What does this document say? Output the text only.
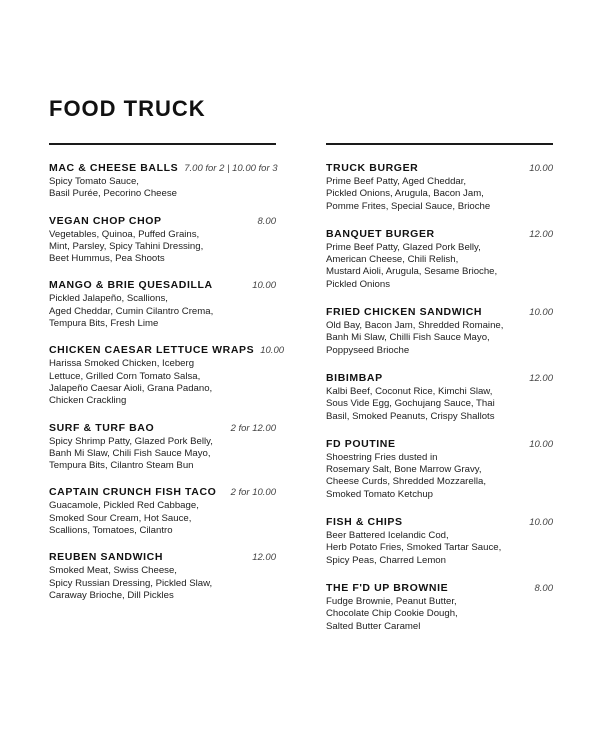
FOOD TRUCK
MAC & CHEESE BALLS 7.00 for 2 | 10.00 for 3
Spicy Tomato Sauce,
Basil Purée, Pecorino Cheese
VEGAN CHOP CHOP	8.00
Vegetables, Quinoa, Puffed Grains,
Mint, Parsley, Spicy Tahini Dressing,
Beet Hummus, Pea Shoots
MANGO & BRIE QUESADILLA	10.00
Pickled Jalapeño, Scallions,
Aged Cheddar, Cumin Cilantro Crema,
Tempura Bits, Fresh Lime
CHICKEN CAESAR LETTUCE WRAPS 10.00
Harissa Smoked Chicken, Iceberg
Lettuce, Grilled Corn Tomato Salsa,
Jalapeño Caesar Aioli, Grana Padano,
Chicken Crackling
SURF & TURF BAO	2 for 12.00
Spicy Shrimp Patty, Glazed Pork Belly,
Banh Mi Slaw, Chili Fish Sauce Mayo,
Tempura Bits, Cilantro Steam Bun
CAPTAIN CRUNCH FISH TACO	2 for 10.00
Guacamole, Pickled Red Cabbage,
Smoked Sour Cream, Hot Sauce,
Scallions, Tomatoes, Cilantro
REUBEN SANDWICH	12.00
Smoked Meat, Swiss Cheese,
Spicy Russian Dressing, Pickled Slaw,
Caraway Brioche, Dill Pickles
TRUCK BURGER	10.00
Prime Beef Patty, Aged Cheddar,
Pickled Onions, Arugula, Bacon Jam,
Pomme Frites, Special Sauce, Brioche
BANQUET BURGER	12.00
Prime Beef Patty, Glazed Pork Belly,
American Cheese, Chili Relish,
Mustard Aioli, Arugula, Sesame Brioche,
Pickled Onions
FRIED CHICKEN SANDWICH	10.00
Old Bay, Bacon Jam, Shredded Romaine,
Banh Mi Slaw, Chilli Fish Sauce Mayo,
Poppyseed Brioche
BIBIMBAP	12.00
Kalbi Beef, Coconut Rice, Kimchi Slaw,
Sous Vide Egg, Gochujang Sauce, Thai
Basil, Smoked Peanuts, Crispy Shallots
FD POUTINE	10.00
Shoestring Fries dusted in
Rosemary Salt, Bone Marrow Gravy,
Cheese Curds, Shredded Mozzarella,
Smoked Tomato Ketchup
FISH & CHIPS	10.00
Beer Battered Icelandic Cod,
Herb Potato Fries, Smoked Tartar Sauce,
Spicy Peas, Charred Lemon
THE F'D UP BROWNIE	8.00
Fudge Brownie, Peanut Butter,
Chocolate Chip Cookie Dough,
Salted Butter Caramel
